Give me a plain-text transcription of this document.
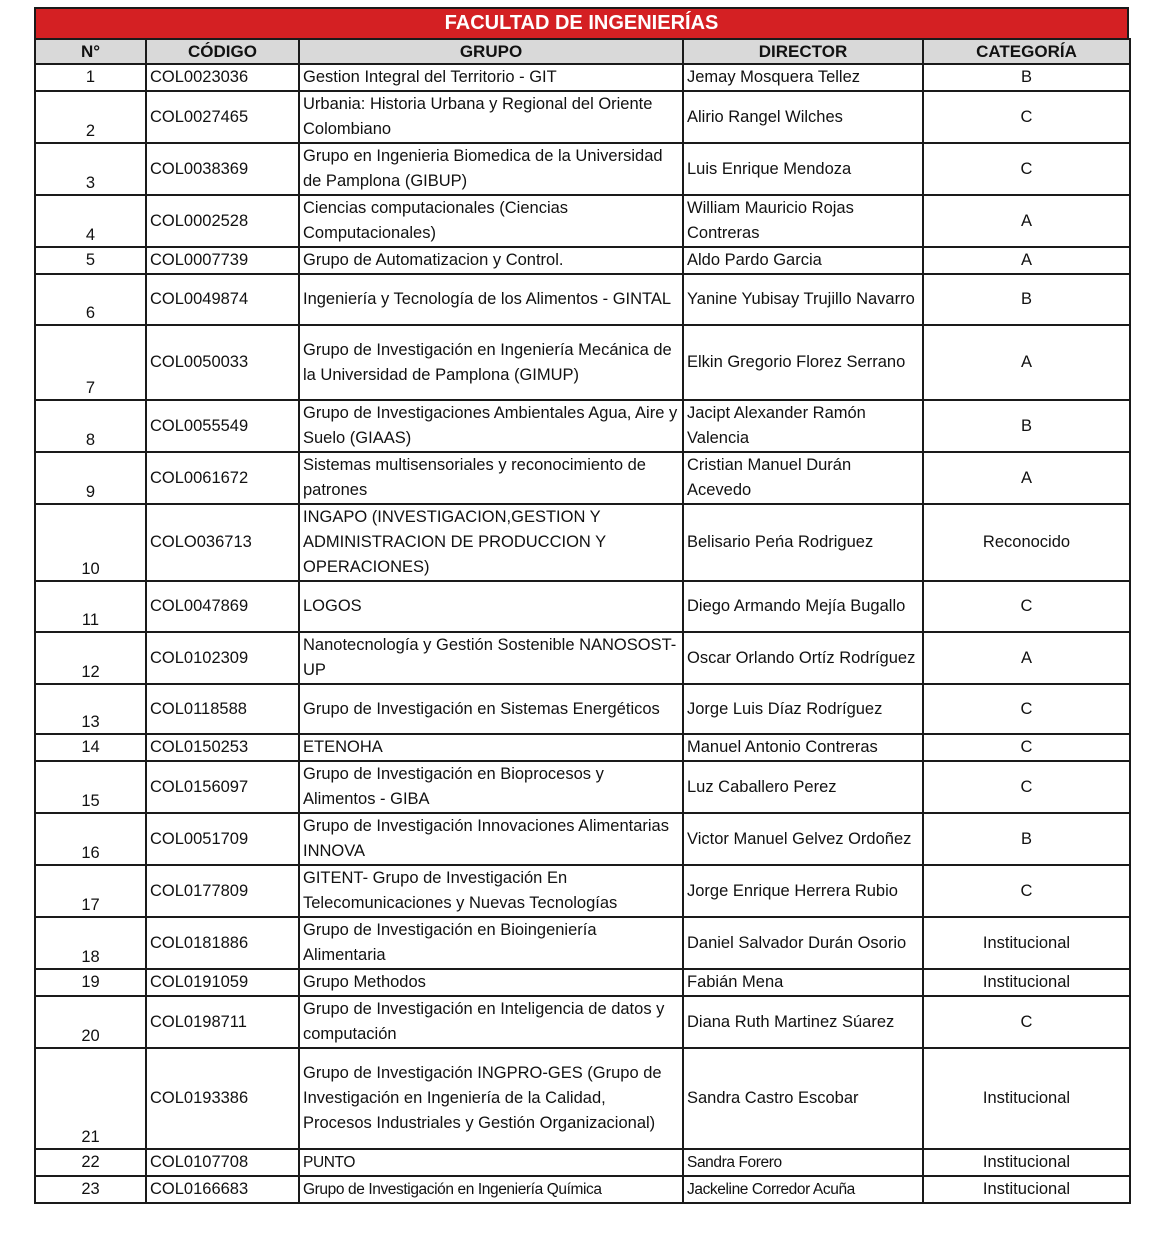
FACULTAD DE INGENIERÍAS
N°	CÓDIGO	GRUPO	DIRECTOR	CATEGORÍA
1	COL0023036	Gestion Integral del Territorio - GIT	Jemay Mosquera Tellez	B
2	COL0027465	Urbania: Historia Urbana y Regional del Oriente Colombiano	Alirio Rangel Wilches	C
3	COL0038369	Grupo en Ingenieria Biomedica de la Universidad de Pamplona (GIBUP)	Luis Enrique Mendoza	C
4	COL0002528	Ciencias computacionales (Ciencias Computacionales)	William Mauricio Rojas Contreras	A
5	COL0007739	Grupo de Automatizacion y Control.	Aldo Pardo Garcia	A
6	COL0049874	Ingeniería y Tecnología de los Alimentos - GINTAL	Yanine Yubisay Trujillo Navarro	B
7	COL0050033	Grupo de Investigación en Ingeniería Mecánica de la Universidad de Pamplona (GIMUP)	Elkin Gregorio Florez Serrano	A
8	COL0055549	Grupo de Investigaciones Ambientales Agua, Aire y Suelo (GIAAS)	Jacipt Alexander Ramón Valencia	B
9	COL0061672	Sistemas multisensoriales y reconocimiento de patrones	Cristian Manuel Durán Acevedo	A
10	COLO036713	INGAPO (INVESTIGACION,GESTION Y ADMINISTRACION DE PRODUCCION Y OPERACIONES)	Belisario Peńa Rodriguez	Reconocido
11	COL0047869	LOGOS	Diego Armando Mejía Bugallo	C
12	COL0102309	Nanotecnología y Gestión Sostenible NANOSOST-UP	Oscar Orlando Ortíz Rodríguez	A
13	COL0118588	Grupo de Investigación en Sistemas Energéticos	Jorge Luis Díaz Rodríguez	C
14	COL0150253	ETENOHA	Manuel Antonio Contreras	C
15	COL0156097	Grupo de Investigación en Bioprocesos y Alimentos - GIBA	Luz Caballero Perez	C
16	COL0051709	Grupo de Investigación Innovaciones Alimentarias INNOVA	Victor Manuel Gelvez Ordoñez	B
17	COL0177809	GITENT- Grupo de Investigación En Telecomunicaciones y Nuevas Tecnologías	Jorge Enrique Herrera Rubio	C
18	COL0181886	Grupo de Investigación en Bioingeniería Alimentaria	Daniel Salvador Durán Osorio	Institucional
19	COL0191059	Grupo Methodos	Fabián Mena	Institucional
20	COL0198711	Grupo de Investigación en Inteligencia de datos y computación	Diana Ruth Martinez Súarez	C
21	COL0193386	Grupo de Investigación INGPRO-GES (Grupo de Investigación en Ingeniería de la Calidad, Procesos Industriales y Gestión Organizacional)	Sandra Castro Escobar	Institucional
22	COL0107708	PUNTO	Sandra Forero	Institucional
23	COL0166683	Grupo de Investigación en Ingeniería Química	Jackeline Corredor Acuña	Institucional
